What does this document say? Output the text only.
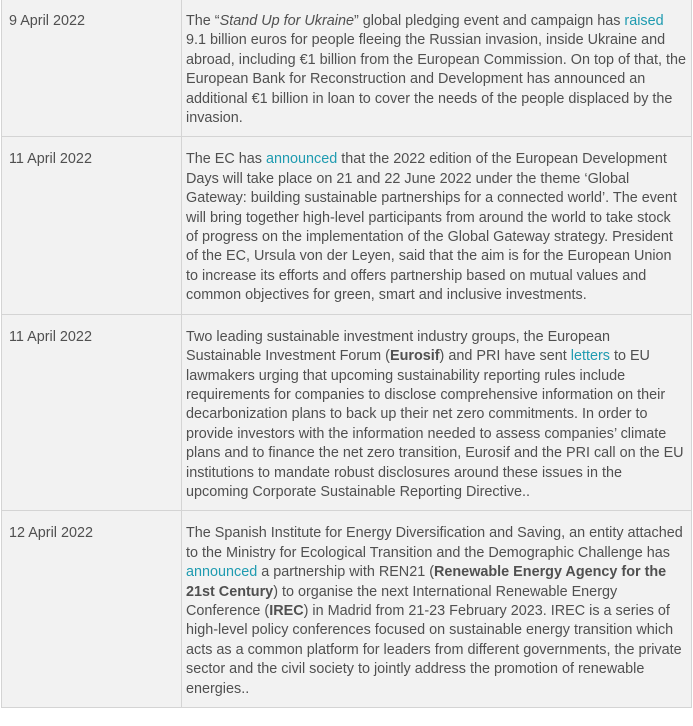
9 April 2022	The “Stand Up for Ukraine” global pledging event and campaign has raised 9.1 billion euros for people fleeing the Russian invasion, inside Ukraine and abroad, including €1 billion from the European Commission. On top of that, the European Bank for Reconstruction and Development has announced an additional €1 billion in loan to cover the needs of the people displaced by the invasion.
11 April 2022	The EC has announced that the 2022 edition of the European Development Days will take place on 21 and 22 June 2022 under the theme ‘Global Gateway: building sustainable partnerships for a connected world’. The event will bring together high-level participants from around the world to take stock of progress on the implementation of the Global Gateway strategy. President of the EC, Ursula von der Leyen, said that the aim is for the European Union to increase its efforts and offers partnership based on mutual values and common objectives for green, smart and inclusive investments.
11 April 2022	Two leading sustainable investment industry groups, the European Sustainable Investment Forum (Eurosif) and PRI have sent letters to EU lawmakers urging that upcoming sustainability reporting rules include requirements for companies to disclose comprehensive information on their decarbonization plans to back up their net zero commitments. In order to provide investors with the information needed to assess companies’ climate plans and to finance the net zero transition, Eurosif and the PRI call on the EU institutions to mandate robust disclosures around these issues in the upcoming Corporate Sustainable Reporting Directive..
12 April 2022	The Spanish Institute for Energy Diversification and Saving, an entity attached to the Ministry for Ecological Transition and the Demographic Challenge has announced a partnership with REN21 (Renewable Energy Agency for the 21st Century) to organise the next International Renewable Energy Conference (IREC) in Madrid from 21-23 February 2023. IREC is a series of high-level policy conferences focused on sustainable energy transition which acts as a common platform for leaders from different governments, the private sector and the civil society to jointly address the promotion of renewable energies..
